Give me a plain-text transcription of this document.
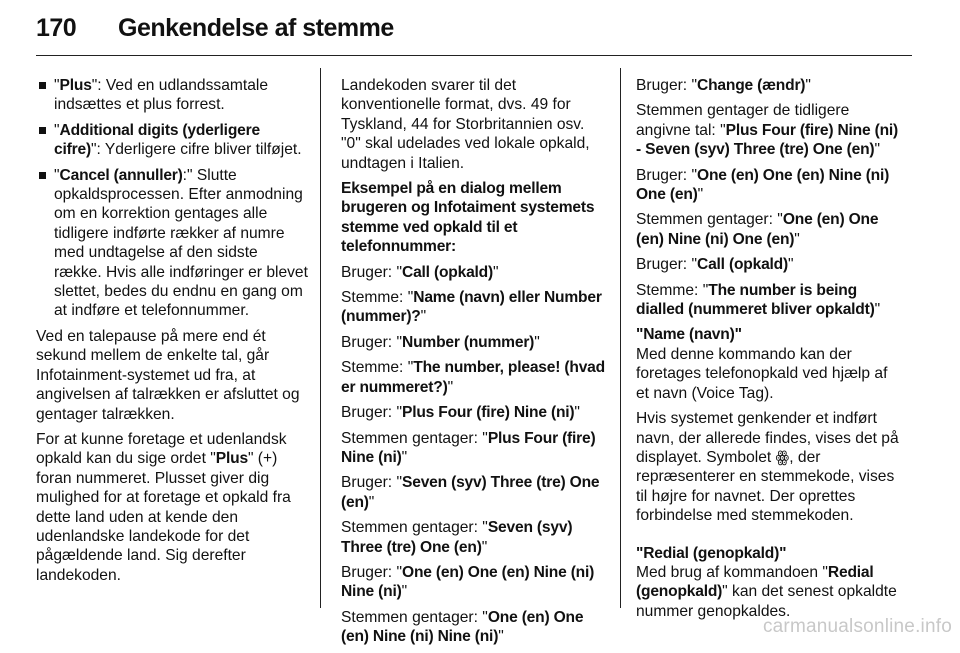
170 Genkendelse af stemme
"Plus": Ved en udlandssamtale indsættes et plus forrest.
"Additional digits (yderligere cifre)": Yderligere cifre bliver tilføjet.
"Cancel (annuller):" Slutte opkaldsprocessen. Efter anmodning om en korrektion gentages alle tidligere indførte rækker af numre med undtagelse af den sidste række. Hvis alle indføringer er blevet slettet, bedes du endnu en gang om at indføre et telefonnummer.

Ved en talepause på mere end ét sekund mellem de enkelte tal, går Infotainment-systemet ud fra, at angivelsen af talrækken er afsluttet og gentager talrækken.

For at kunne foretage et udenlandsk opkald kan du sige ordet "Plus" (+) foran nummeret. Plusset giver dig mulighed for at foretage et opkald fra dette land uden at kende den udenlandske landekode for det pågældende land. Sig derefter landekoden.

Landekoden svarer til det konventionelle format, dvs. 49 for Tyskland, 44 for Storbritannien osv. "0" skal udelades ved lokale opkald, undtagen i Italien.

Eksempel på en dialog mellem brugeren og Infotaiment systemets stemme ved opkald til et telefonnummer:

Bruger: "Call (opkald)"

Stemme: "Name (navn) eller Number (nummer)?"

Bruger: "Number (nummer)"

Stemme: "The number, please! (hvad er nummeret?)"

Bruger: "Plus Four (fire) Nine (ni)"

Stemmen gentager: "Plus Four (fire) Nine (ni)"

Bruger: "Seven (syv) Three (tre) One (en)"

Stemmen gentager: "Seven (syv) Three (tre) One (en)"

Bruger: "One (en) One (en) Nine (ni) Nine (ni)"

Stemmen gentager: "One (en) One (en) Nine (ni) Nine (ni)"

Bruger: "Change (ændr)"

Stemmen gentager de tidligere angivne tal: "Plus Four (fire) Nine (ni) - Seven (syv) Three (tre) One (en)"

Bruger: "One (en) One (en) Nine (ni) One (en)"

Stemmen gentager: "One (en) One (en) Nine (ni) One (en)"

Bruger: "Call (opkald)"

Stemme: "The number is being dialled (nummeret bliver opkaldt)"

"Name (navn)"
Med denne kommando kan der foretages telefonopkald ved hjælp af et navn (Voice Tag).

Hvis systemet genkender et indført navn, der allerede findes, vises det på displayet. Symbolet ꙮ, der repræsenterer en stemmekode, vises til højre for navnet. Der oprettes forbindelse med stemmekoden.

"Redial (genopkald)"
Med brug af kommandoen "Redial (genopkald)" kan det senest opkaldte nummer genopkaldes.

carmanualsonline.info
